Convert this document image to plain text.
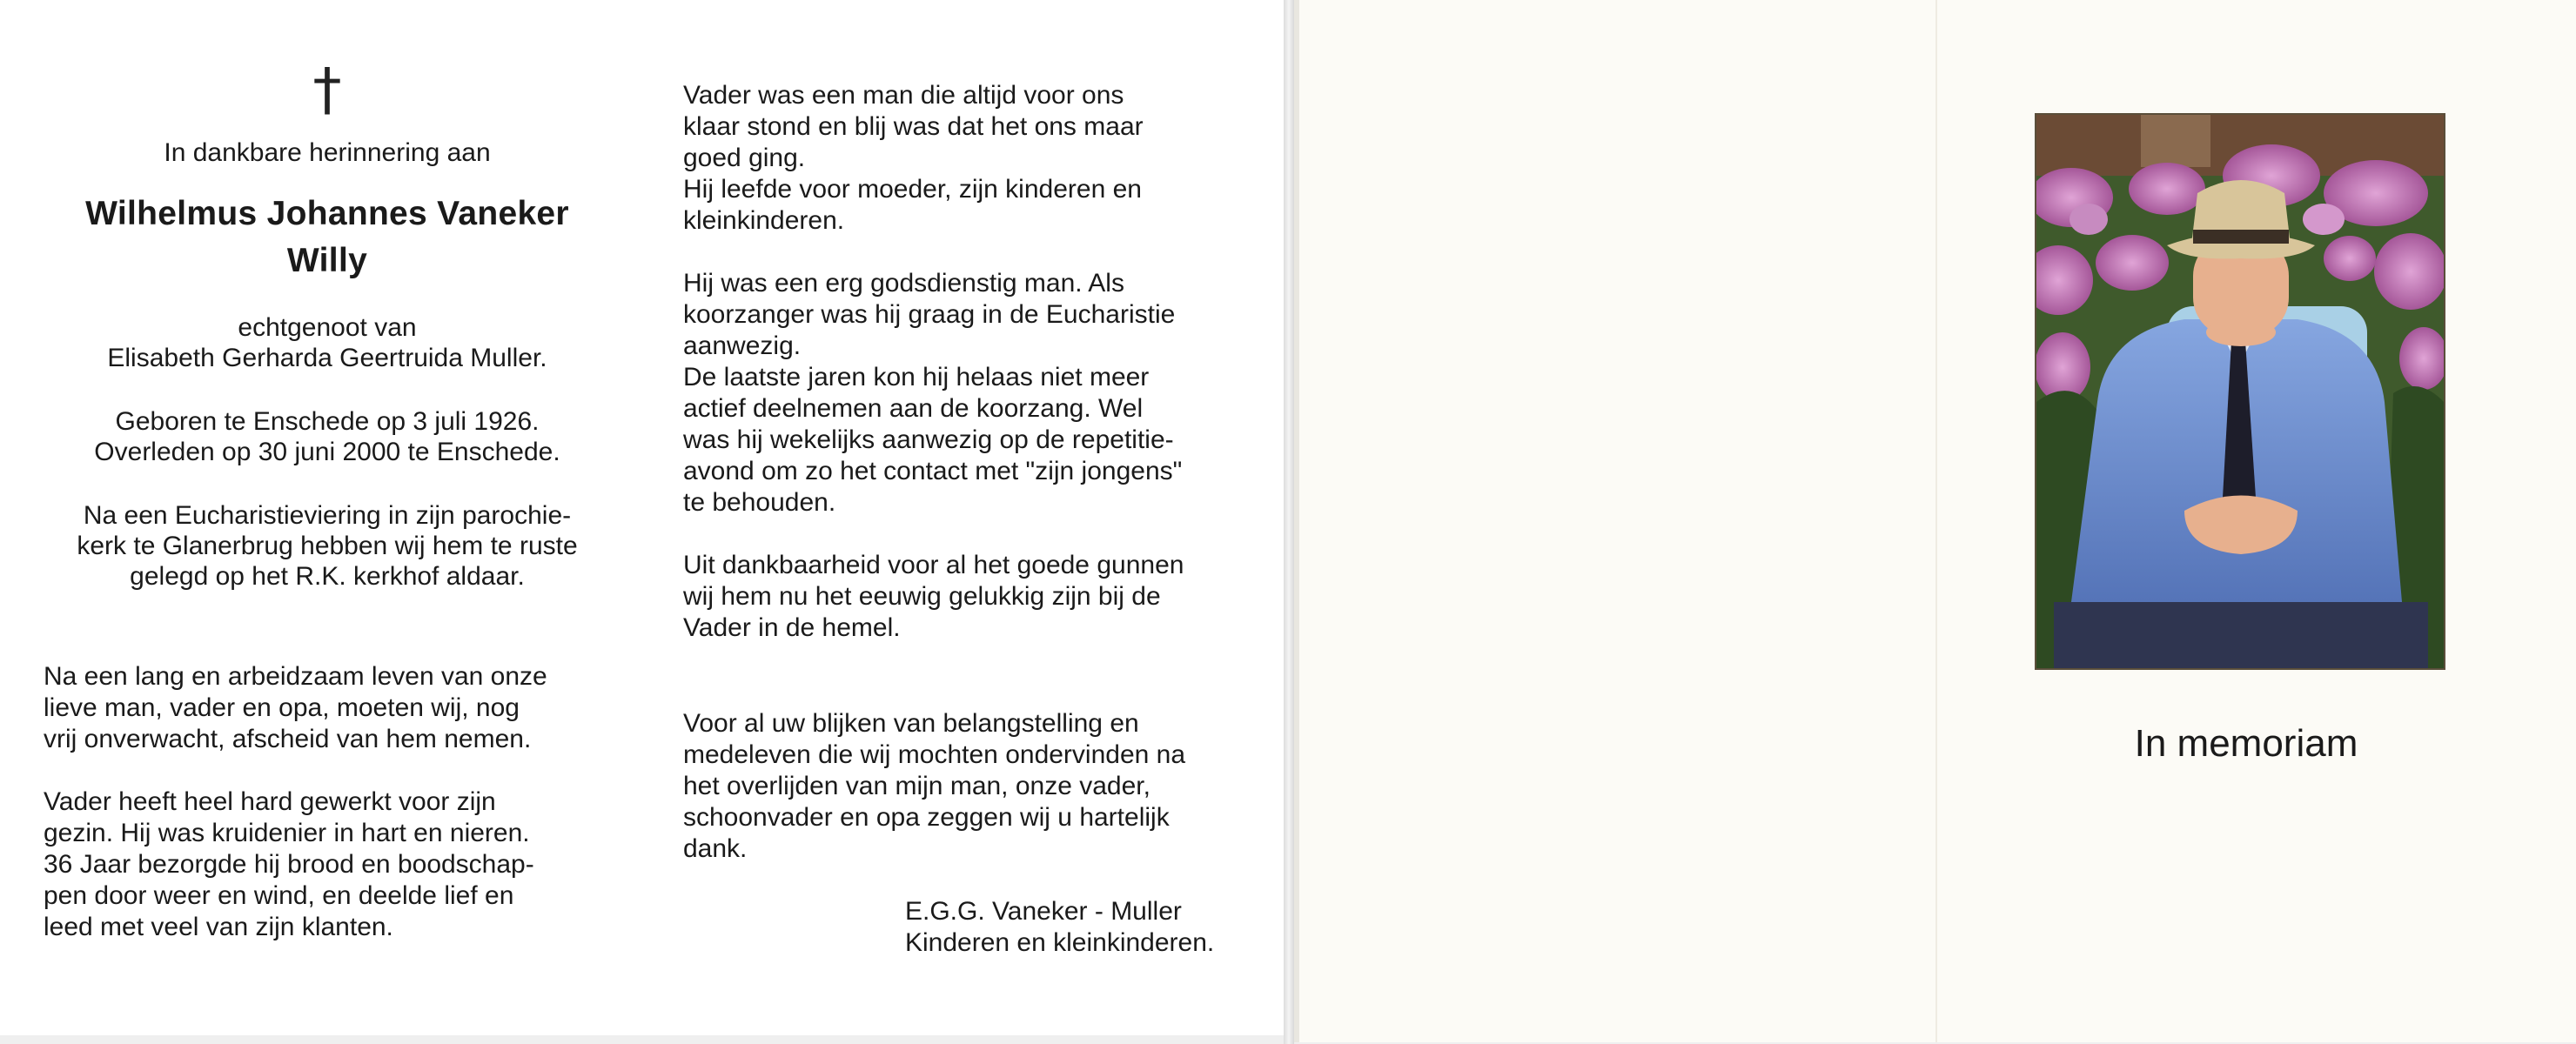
†
In dankbare herinnering aan
Wilhelmus Johannes Vaneker
Willy
echtgenoot van
Elisabeth Gerharda Geertruida Muller.
Geboren te Enschede op 3 juli 1926.
Overleden op 30 juni 2000 te Enschede.
Na een Eucharistieviering in zijn parochie-
kerk te Glanerbrug hebben wij hem te ruste
gelegd op het R.K. kerkhof aldaar.
Na een lang en arbeidzaam leven van onze
lieve man, vader en opa, moeten wij, nog
vrij onverwacht, afscheid van hem nemen.
Vader heeft heel hard gewerkt voor zijn
gezin. Hij was kruidenier in hart en nieren.
36 Jaar bezorgde hij brood en boodschap-
pen door weer en wind, en deelde lief en
leed met veel van zijn klanten.
Vader was een man die altijd voor ons
klaar stond en blij was dat het ons maar
goed ging.
Hij leefde voor moeder, zijn kinderen en
kleinkinderen.
Hij was een erg godsdienstig man. Als
koorzanger was hij graag in de Eucharistie
aanwezig.
De laatste jaren kon hij helaas niet meer
actief deelnemen aan de koorzang. Wel
was hij wekelijks aanwezig op de repetitie-
avond om zo het contact met "zijn jongens"
te behouden.
Uit dankbaarheid voor al het goede gunnen
wij hem nu het eeuwig gelukkig zijn bij de
Vader in de hemel.
Voor al uw blijken van belangstelling en
medeleven die wij mochten ondervinden na
het overlijden van mijn man, onze vader,
schoonvader en opa zeggen wij u hartelijk
dank.
E.G.G. Vaneker - Muller
Kinderen en kleinkinderen.
In memoriam
